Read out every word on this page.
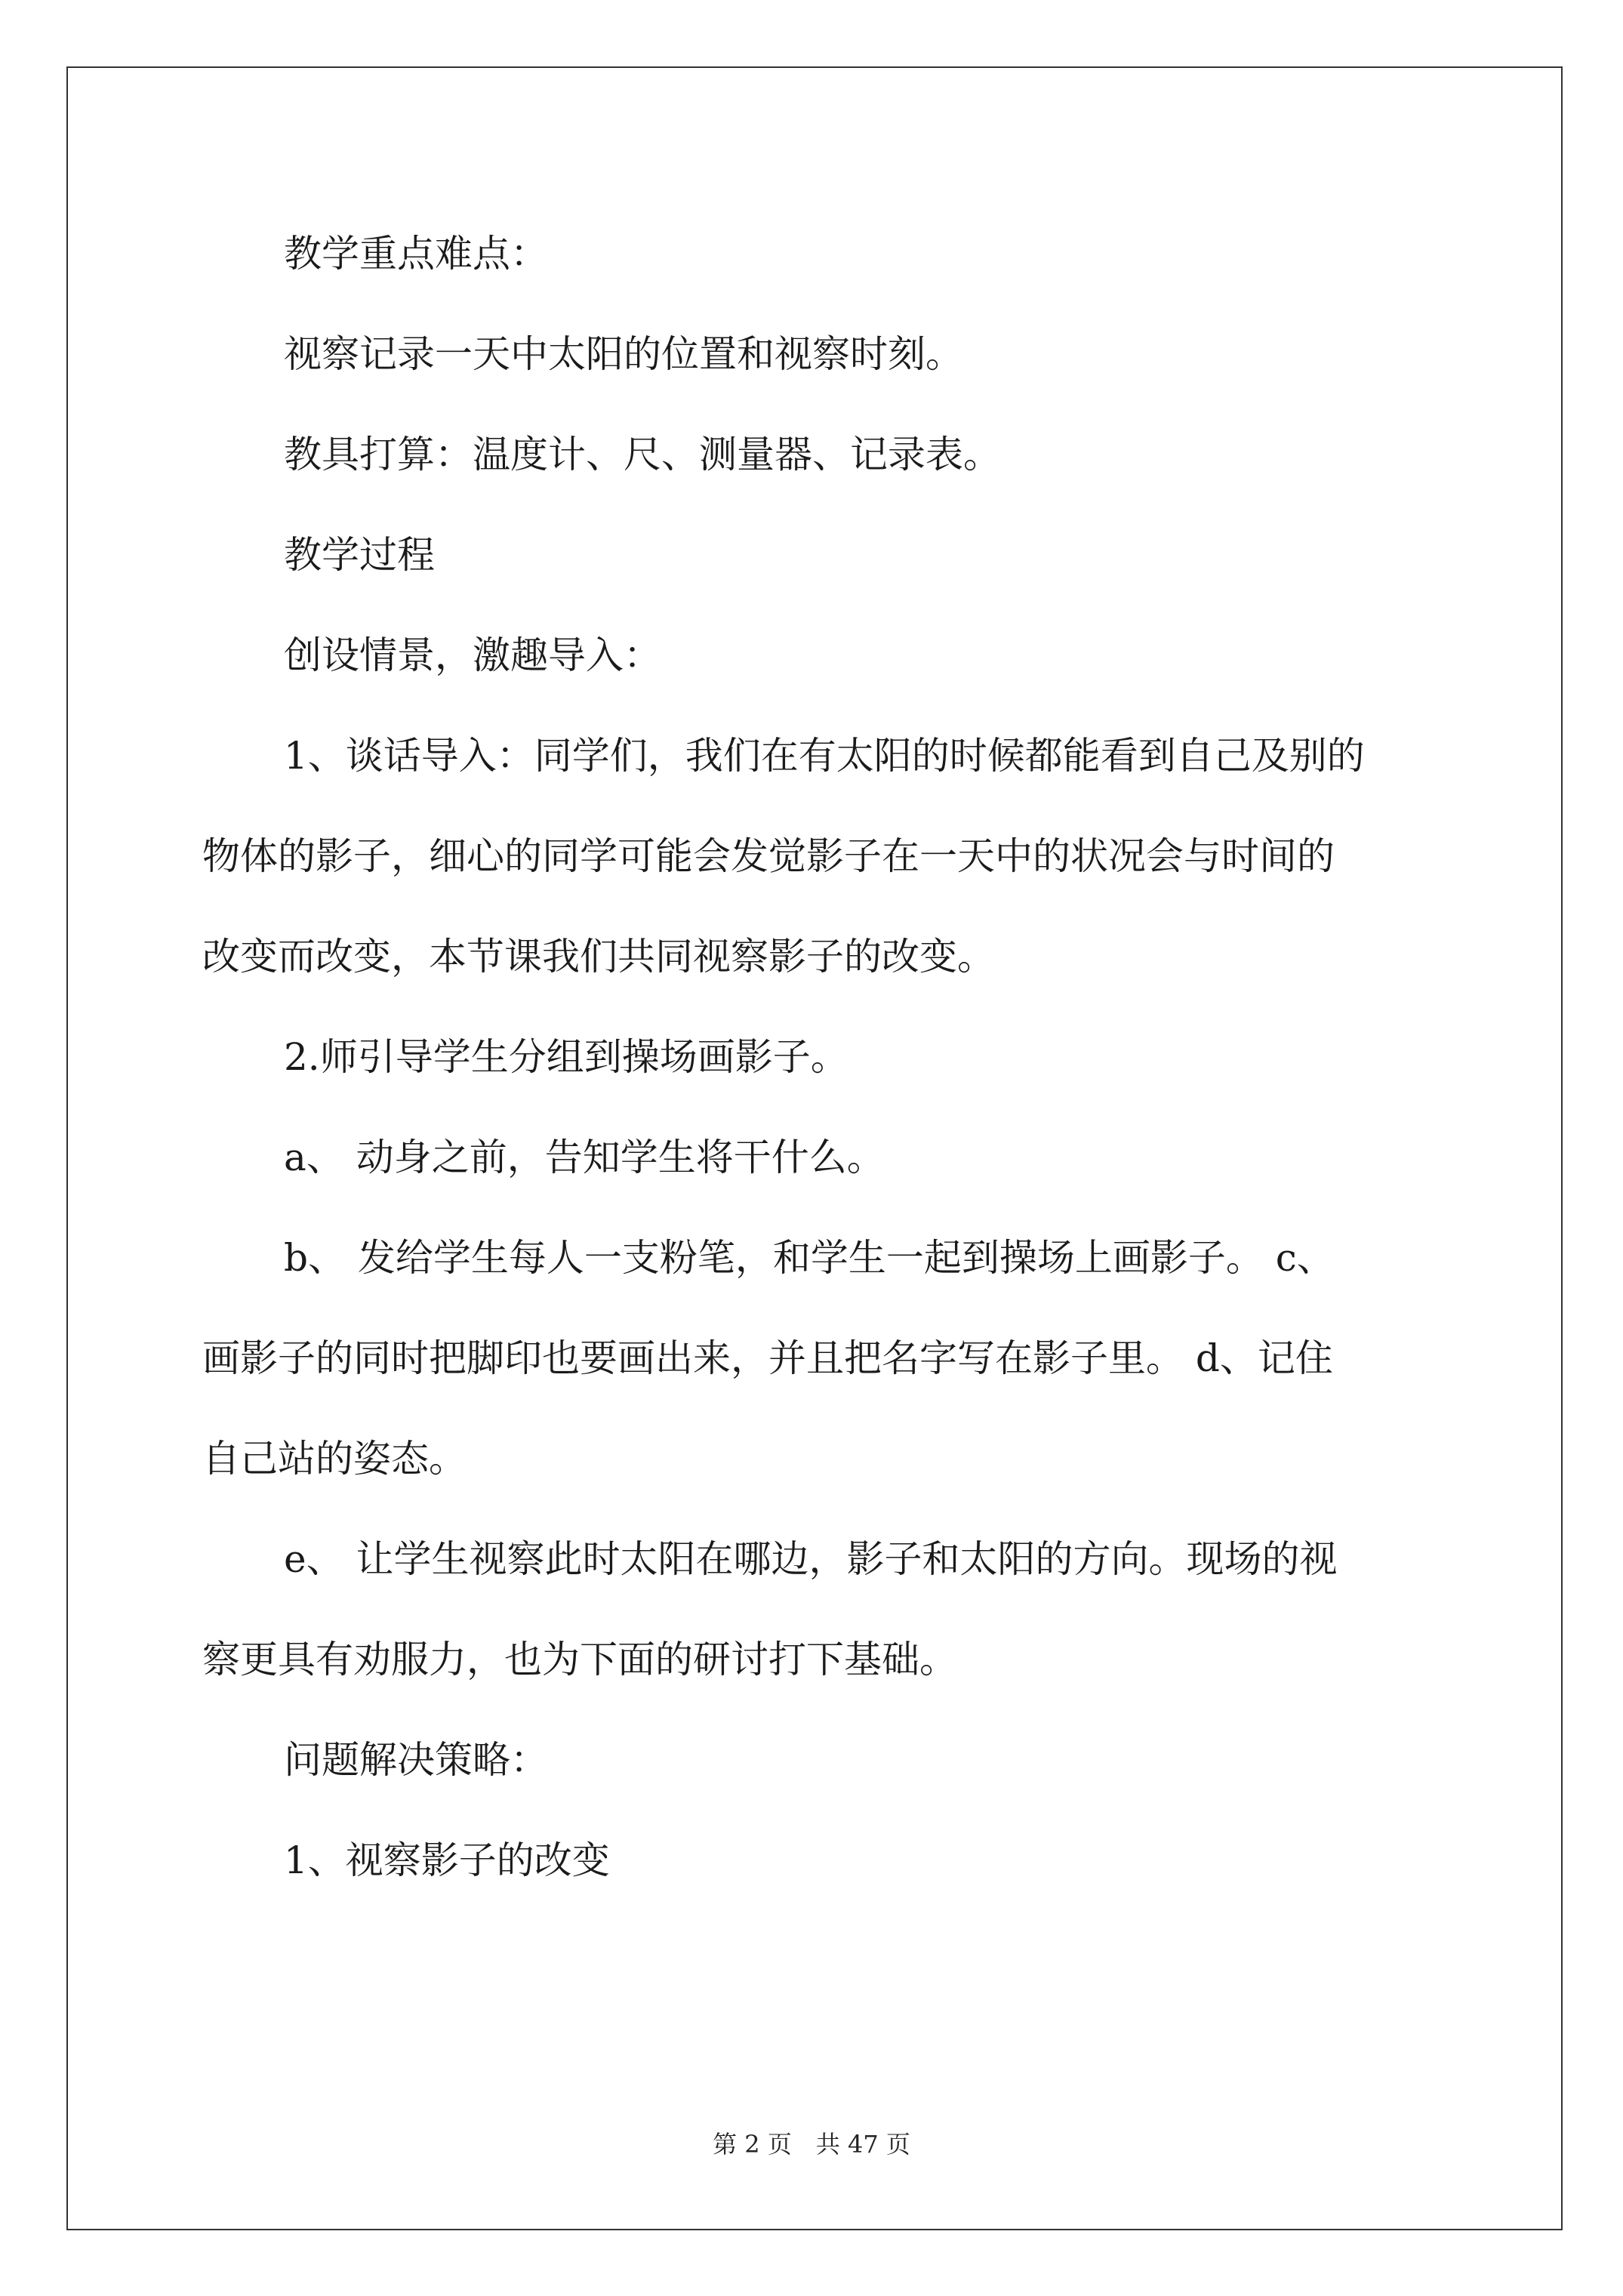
教学重点难点：
视察记录一天中太阳的位置和视察时刻。
教具打算：温度计、尺、测量器、记录表。
教学过程
创设情景，激趣导入：
1、谈话导入：同学们，我们在有太阳的时候都能看到自己及别的
物体的影子，细心的同学可能会发觉影子在一天中的状况会与时间的
改变而改变，本节课我们共同视察影子的改变。
2.师引导学生分组到操场画影子。
a、 动身之前，告知学生将干什么。
b、 发给学生每人一支粉笔，和学生一起到操场上画影子。 c、
画影子的同时把脚印也要画出来，并且把名字写在影子里。 d、记住
自己站的姿态。
e、 让学生视察此时太阳在哪边，影子和太阳的方向。现场的视
察更具有劝服力，也为下面的研讨打下基础。
问题解决策略：
1、视察影子的改变
第 2 页　共 47 页
